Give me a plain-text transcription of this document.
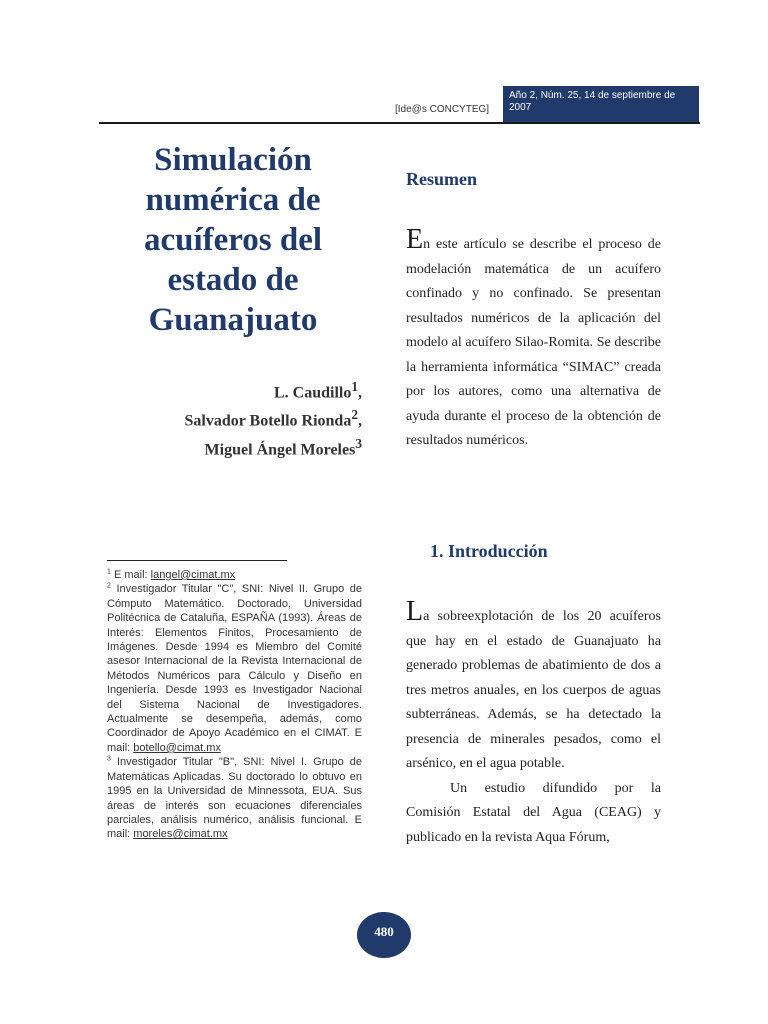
[Ide@s CONCYTEG]
Año 2, Núm. 25, 14 de septiembre de 2007
Simulación numérica de acuíferos del estado de Guanajuato
L. Caudillo$^1$,
Salvador Botello Rionda$^2$,
Miguel Ángel Moreles$^3$

$^1$ E mail: langel@cimat.mx

$^2$ Investigador Titular "C", SNI: Nivel II. Grupo de Cómputo Matemático. Doctorado, Universidad Politécnica de Cataluña, ESPAÑA (1993). Áreas de Interés: Elementos Finitos, Procesamiento de Imágenes. Desde 1994 es Miembro del Comité asesor Internacional de la Revista Internacional de Métodos Numéricos para Cálculo y Diseño en Ingeniería. Desde 1993 es Investigador Nacional del Sistema Nacional de Investigadores. Actualmente se desempeña, además, como Coordinador de Apoyo Académico en el CIMAT. E mail: botello@cimat.mx

$^3$ Investigador Titular "B", SNI: Nivel I. Grupo de Matemáticas Aplicadas. Su doctorado lo obtuvo en 1995 en la Universidad de Minnessota, EUA. Sus áreas de interés son ecuaciones diferenciales parciales, análisis numérico, análisis funcional. E mail: moreles@cimat.mx

Resumen

En este artículo se describe el proceso de modelación matemática de un acuífero confinado y no confinado. Se presentan resultados numéricos de la aplicación del modelo al acuífero Silao-Romita. Se describe la herramienta informática “SIMAC” creada por los autores, como una alternativa de ayuda durante el proceso de la obtención de resultados numéricos.

1. Introducción

La sobreexplotación de los 20 acuíferos que hay en el estado de Guanajuato ha generado problemas de abatimiento de dos a tres metros anuales, en los cuerpos de aguas subterráneas. Además, se ha detectado la presencia de minerales pesados, como el arsénico, en el agua potable.

Un estudio difundido por la Comisión Estatal del Agua (CEAG) y publicado en la revista Aqua Fórum,

480
